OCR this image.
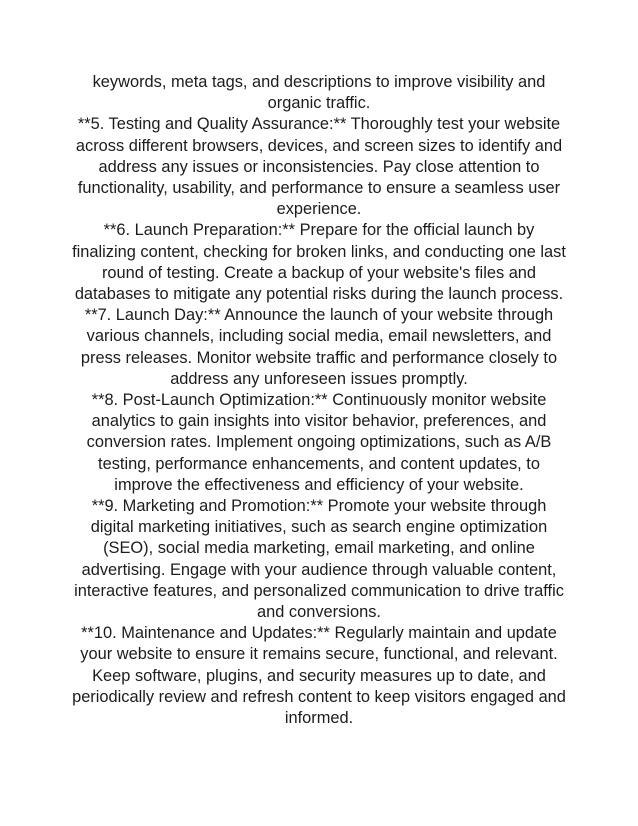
keywords, meta tags, and descriptions to improve visibility and organic traffic.

**5. Testing and Quality Assurance:** Thoroughly test your website across different browsers, devices, and screen sizes to identify and address any issues or inconsistencies. Pay close attention to functionality, usability, and performance to ensure a seamless user experience.

**6. Launch Preparation:** Prepare for the official launch by finalizing content, checking for broken links, and conducting one last round of testing. Create a backup of your website's files and databases to mitigate any potential risks during the launch process.

**7. Launch Day:** Announce the launch of your website through various channels, including social media, email newsletters, and press releases. Monitor website traffic and performance closely to address any unforeseen issues promptly.

**8. Post-Launch Optimization:** Continuously monitor website analytics to gain insights into visitor behavior, preferences, and conversion rates. Implement ongoing optimizations, such as A/B testing, performance enhancements, and content updates, to improve the effectiveness and efficiency of your website.

**9. Marketing and Promotion:** Promote your website through digital marketing initiatives, such as search engine optimization (SEO), social media marketing, email marketing, and online advertising. Engage with your audience through valuable content, interactive features, and personalized communication to drive traffic and conversions.

**10. Maintenance and Updates:** Regularly maintain and update your website to ensure it remains secure, functional, and relevant. Keep software, plugins, and security measures up to date, and periodically review and refresh content to keep visitors engaged and informed.
